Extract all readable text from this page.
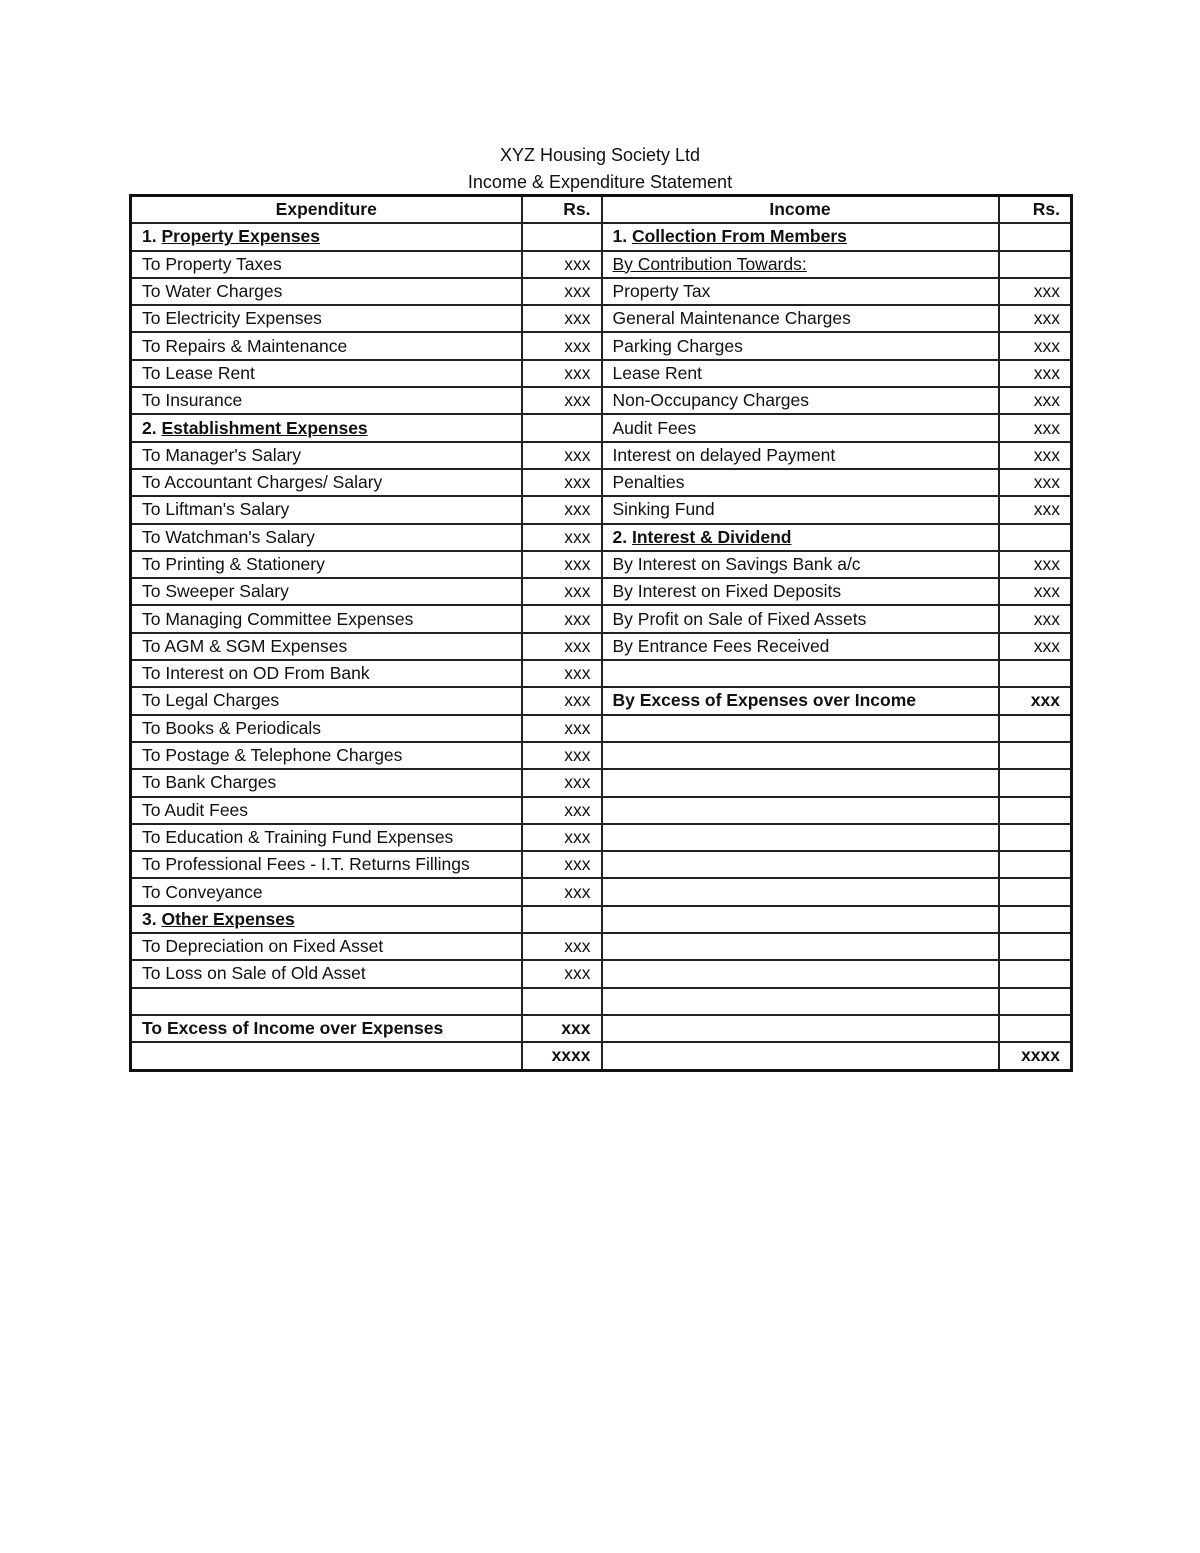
XYZ Housing Society Ltd
Income & Expenditure Statement
Expenditure	Rs.	Income	Rs.
1. Property Expenses		1. Collection From Members	
To Property Taxes	xxx	By Contribution Towards:	
To Water Charges	xxx	Property Tax	xxx
To Electricity Expenses	xxx	General Maintenance Charges	xxx
To Repairs & Maintenance	xxx	Parking Charges	xxx
To Lease Rent	xxx	Lease Rent	xxx
To Insurance	xxx	Non-Occupancy Charges	xxx
2. Establishment Expenses		Audit Fees	xxx
To Manager's Salary	xxx	Interest on delayed Payment	xxx
To Accountant Charges/ Salary	xxx	Penalties	xxx
To Liftman's Salary	xxx	Sinking Fund	xxx
To Watchman's Salary	xxx	2. Interest & Dividend	
To Printing & Stationery	xxx	By Interest on Savings Bank a/c	xxx
To Sweeper Salary	xxx	By Interest on Fixed Deposits	xxx
To Managing Committee Expenses	xxx	By Profit on Sale of Fixed Assets	xxx
To AGM & SGM Expenses	xxx	By Entrance Fees Received	xxx
To Interest on OD From Bank	xxx		
To Legal Charges	xxx	By Excess of Expenses over Income	xxx
To Books & Periodicals	xxx		
To Postage & Telephone Charges	xxx		
To Bank Charges	xxx		
To Audit Fees	xxx		
To Education & Training Fund Expenses	xxx		
To Professional Fees - I.T. Returns Fillings	xxx		
To Conveyance	xxx		
3. Other Expenses			
To Depreciation on Fixed Asset	xxx		
To Loss on Sale of Old Asset	xxx		

To Excess of Income over Expenses	xxx		
	xxxx		xxxx
